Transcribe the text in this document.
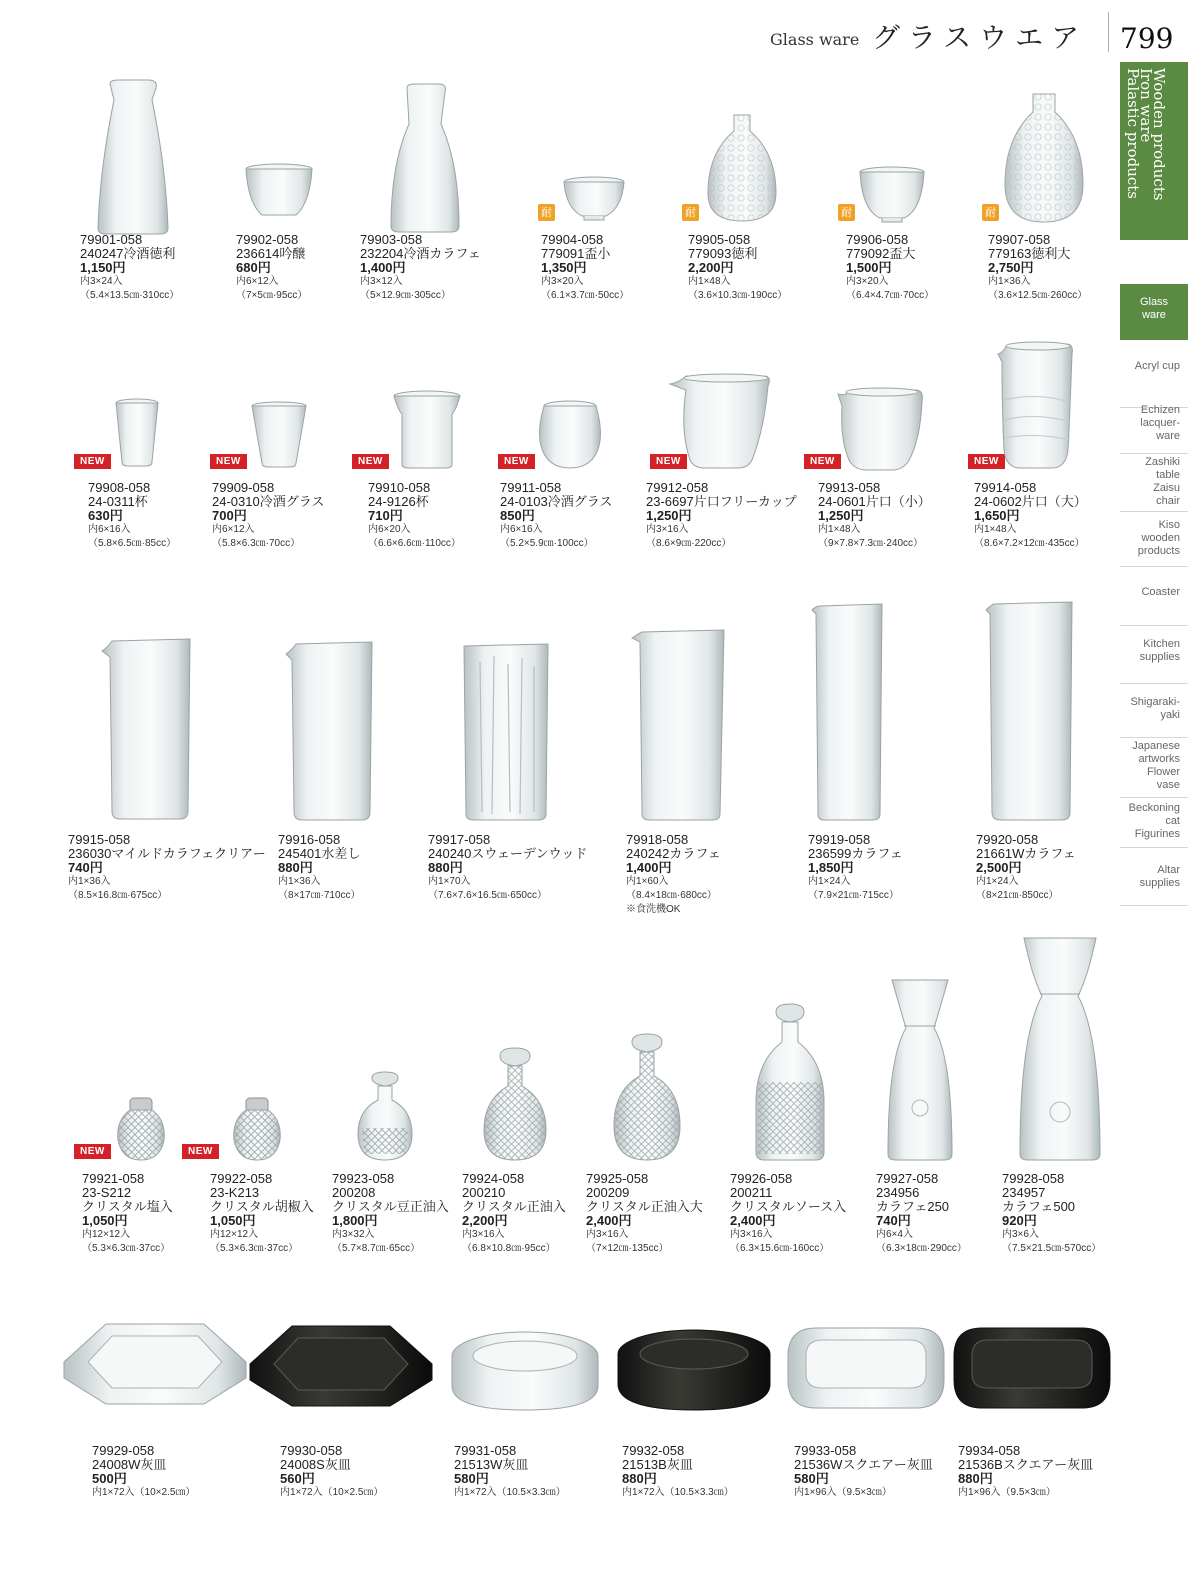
Glass ware グラスウエア 799
Wooden products
Iron ware
Palastic products
Glass
ware
Acryl cup
Echizen
lacquer-
ware
Zashiki
table
Zaisu
chair
Kiso
wooden
products
Coaster
Kitchen
supplies
Shigaraki-
yaki
Japanese
artworks
Flower
vase
Beckoning
cat
Figurines
Altar
supplies
79901-058
240247冷酒徳利
1,150円
内3×24入
（5.4×13.5㎝·310cc）
79902-058
236614吟醸
680円
内6×12入
（7×5㎝·95cc）
79903-058
232204冷酒カラフェ
1,400円
内3×12入
（5×12.9㎝·305cc）
耐
79904-058
779091盃小
1,350円
内3×20入
（6.1×3.7㎝·50cc）
耐
79905-058
779093徳利
2,200円
内1×48入
（3.6×10.3㎝·190cc）
耐
79906-058
779092盃大
1,500円
内3×20入
（6.4×4.7㎝·70cc）
耐
79907-058
779163徳利大
2,750円
内1×36入
（3.6×12.5㎝·260cc）
NEW
79908-058
24-0311杯
630円
内6×16入
（5.8×6.5㎝·85cc）
NEW
79909-058
24-0310冷酒グラス
700円
内6×12入
（5.8×6.3㎝·70cc）
NEW
79910-058
24-9126杯
710円
内6×20入
（6.6×6.6㎝·110cc）
NEW
79911-058
24-0103冷酒グラス
850円
内6×16入
（5.2×5.9㎝·100cc）
NEW
79912-058
23-6697片口フリーカップ
1,250円
内3×16入
（8.6×9㎝·220cc）
NEW
79913-058
24-0601片口（小）
1,250円
内1×48入
（9×7.8×7.3㎝·240cc）
NEW
79914-058
24-0602片口（大）
1,650円
内1×48入
（8.6×7.2×12㎝·435cc）
79915-058
236030マイルドカラフェクリアー
740円
内1×36入
（8.5×16.8㎝·675cc）
79916-058
245401水差し
880円
内1×36入
（8×17㎝·710cc）
79917-058
240240スウェーデンウッド
880円
内1×70入
（7.6×7.6×16.5㎝·650cc）
79918-058
240242カラフェ
1,400円
内1×60入
（8.4×18㎝·680cc）
※食洗機OK
79919-058
236599カラフェ
1,850円
内1×24入
（7.9×21㎝·715cc）
79920-058
21661Wカラフェ
2,500円
内1×24入
（8×21㎝·850cc）
NEW
79921-058
23-S212
クリスタル塩入
1,050円
内12×12入
（5.3×6.3㎝·37cc）
NEW
79922-058
23-K213
クリスタル胡椒入
1,050円
内12×12入
（5.3×6.3㎝·37cc）
79923-058
200208
クリスタル豆正油入
1,800円
内3×32入
（5.7×8.7㎝·65cc）
79924-058
200210
クリスタル正油入
2,200円
内3×16入
（6.8×10.8㎝·95cc）
79925-058
200209
クリスタル正油入大
2,400円
内3×16入
（7×12㎝·135cc）
79926-058
200211
クリスタルソース入
2,400円
内3×16入
（6.3×15.6㎝·160cc）
79927-058
234956
カラフェ250
740円
内6×4入
（6.3×18㎝·290cc）
79928-058
234957
カラフェ500
920円
内3×6入
（7.5×21.5㎝·570cc）
79929-058
24008W灰皿
500円
内1×72入（10×2.5㎝）
79930-058
24008S灰皿
560円
内1×72入（10×2.5㎝）
79931-058
21513W灰皿
580円
内1×72入（10.5×3.3㎝）
79932-058
21513B灰皿
880円
内1×72入（10.5×3.3㎝）
79933-058
21536Wスクエアー灰皿
580円
内1×96入（9.5×3㎝）
79934-058
21536Bスクエアー灰皿
880円
内1×96入（9.5×3㎝）
